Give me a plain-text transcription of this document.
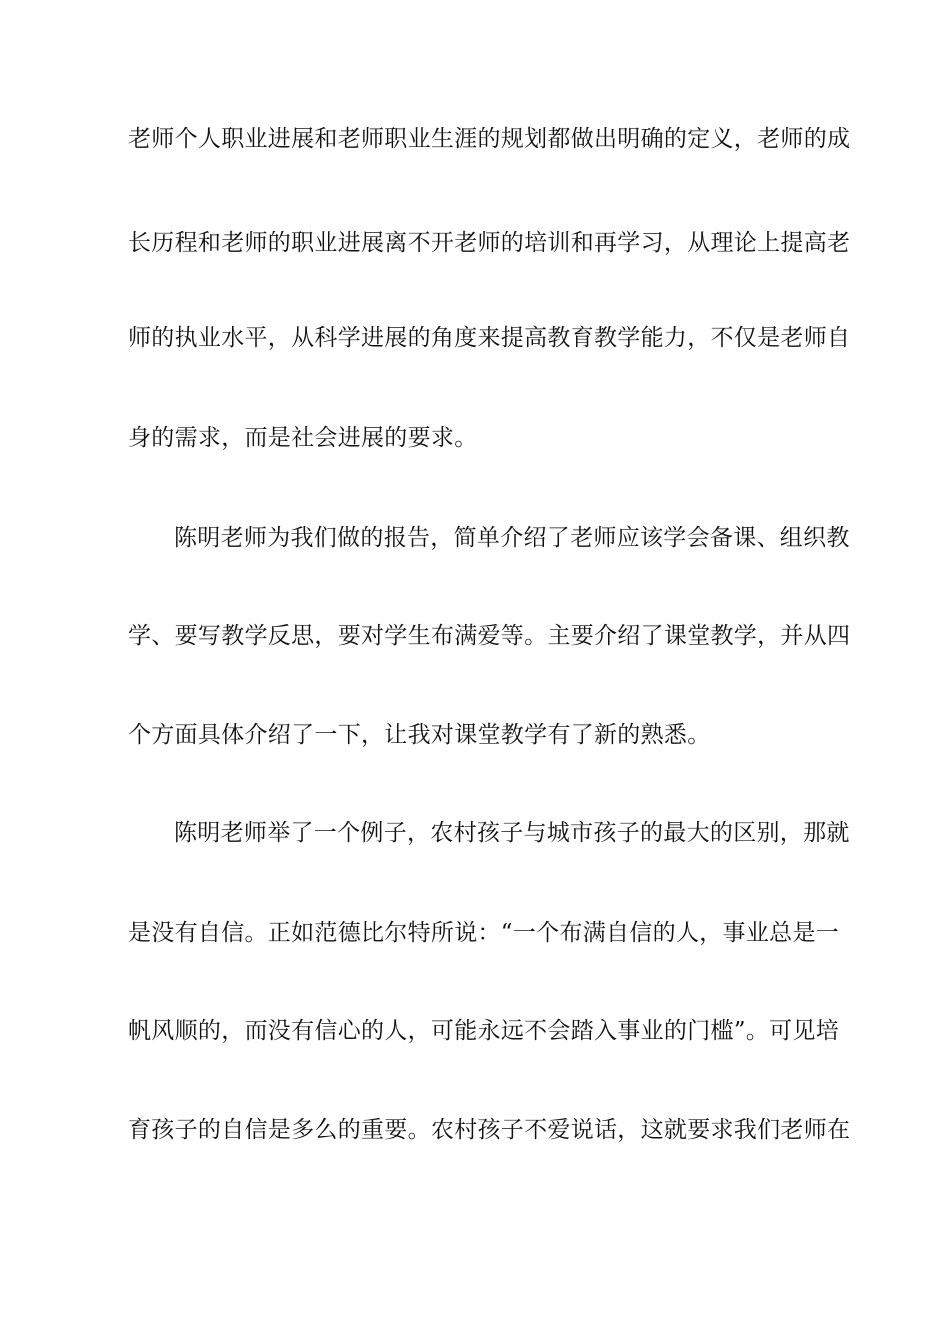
老师个人职业进展和老师职业生涯的规划都做出明确的定义，老师的成
长历程和老师的职业进展离不开老师的培训和再学习，从理论上提高老
师的执业水平，从科学进展的角度来提高教育教学能力，不仅是老师自
身的需求，而是社会进展的要求。
陈明老师为我们做的报告，简单介绍了老师应该学会备课、组织教
学、要写教学反思，要对学生布满爱等。主要介绍了课堂教学，并从四
个方面具体介绍了一下，让我对课堂教学有了新的熟悉。
陈明老师举了一个例子，农村孩子与城市孩子的最大的区别，那就
是没有自信。正如范德比尔特所说：“一个布满自信的人，事业总是一
帆风顺的，而没有信心的人，可能永远不会踏入事业的门槛”。可见培
育孩子的自信是多么的重要。农村孩子不爱说话，这就要求我们老师在
